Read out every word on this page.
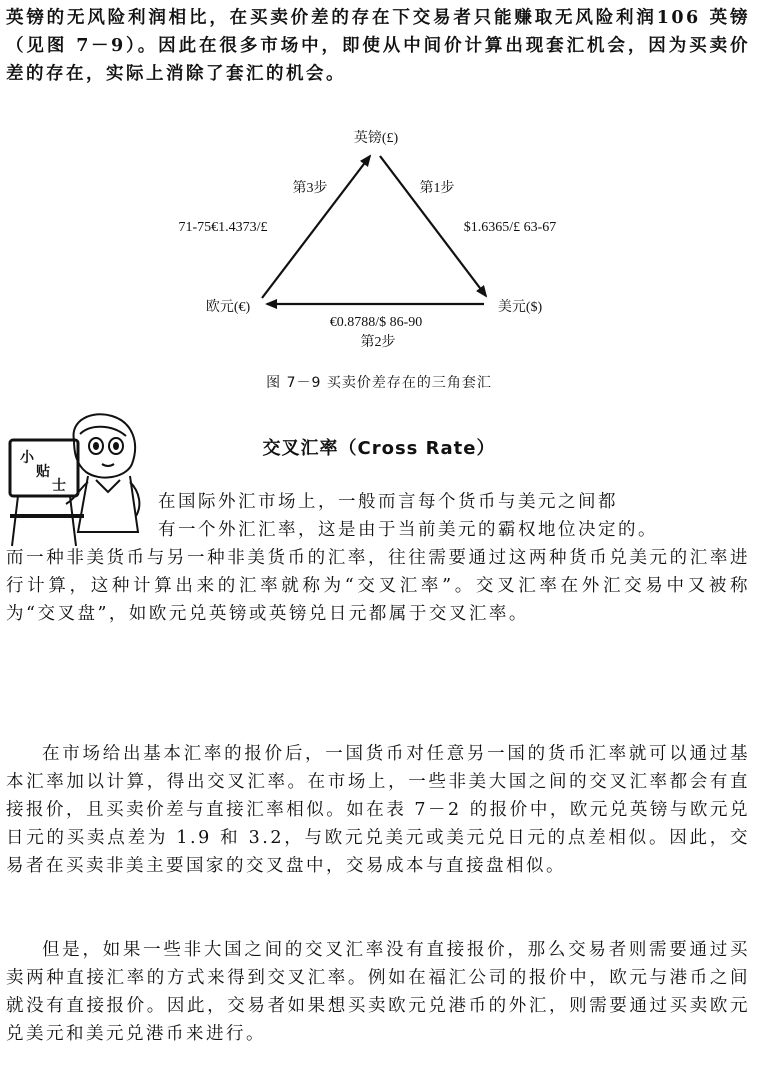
英镑的无风险利润相比，在买卖价差的存在下交易者只能赚取无风险利润106 英镑（见图 7－9）。因此在很多市场中，即使从中间价计算出现套汇机会，因为买卖价差的存在，实际上消除了套汇的机会。

英镑(£)
欧元(€)	美元($)
第3步	第1步
第2步
71-75€1.4373/£	$1.6365/£ 63-67
€0.8788/$ 86-90
图 7－9 买卖价差存在的三角套汇
小
贴
士
交叉汇率（Cross Rate）
在国际外汇市场上，一般而言每个货币与美元之间都
有一个外汇汇率，这是由于当前美元的霸权地位决定的。
而一种非美货币与另一种非美货币的汇率，往往需要通过这两种货币兑美元的汇率进行计算，这种计算出来的汇率就称为“交叉汇率”。交叉汇率在外汇交易中又被称为“交叉盘”，如欧元兑英镑或英镑兑日元都属于交叉汇率。

在市场给出基本汇率的报价后，一国货币对任意另一国的货币汇率就可以通过基本汇率加以计算，得出交叉汇率。在市场上，一些非美大国之间的交叉汇率都会有直接报价，且买卖价差与直接汇率相似。如在表 7－2 的报价中，欧元兑英镑与欧元兑日元的买卖点差为 1.9 和 3.2，与欧元兑美元或美元兑日元的点差相似。因此，交易者在买卖非美主要国家的交叉盘中，交易成本与直接盘相似。

但是，如果一些非大国之间的交叉汇率没有直接报价，那么交易者则需要通过买卖两种直接汇率的方式来得到交叉汇率。例如在福汇公司的报价中，欧元与港币之间就没有直接报价。因此，交易者如果想买卖欧元兑港币的外汇，则需要通过买卖欧元兑美元和美元兑港币来进行。
